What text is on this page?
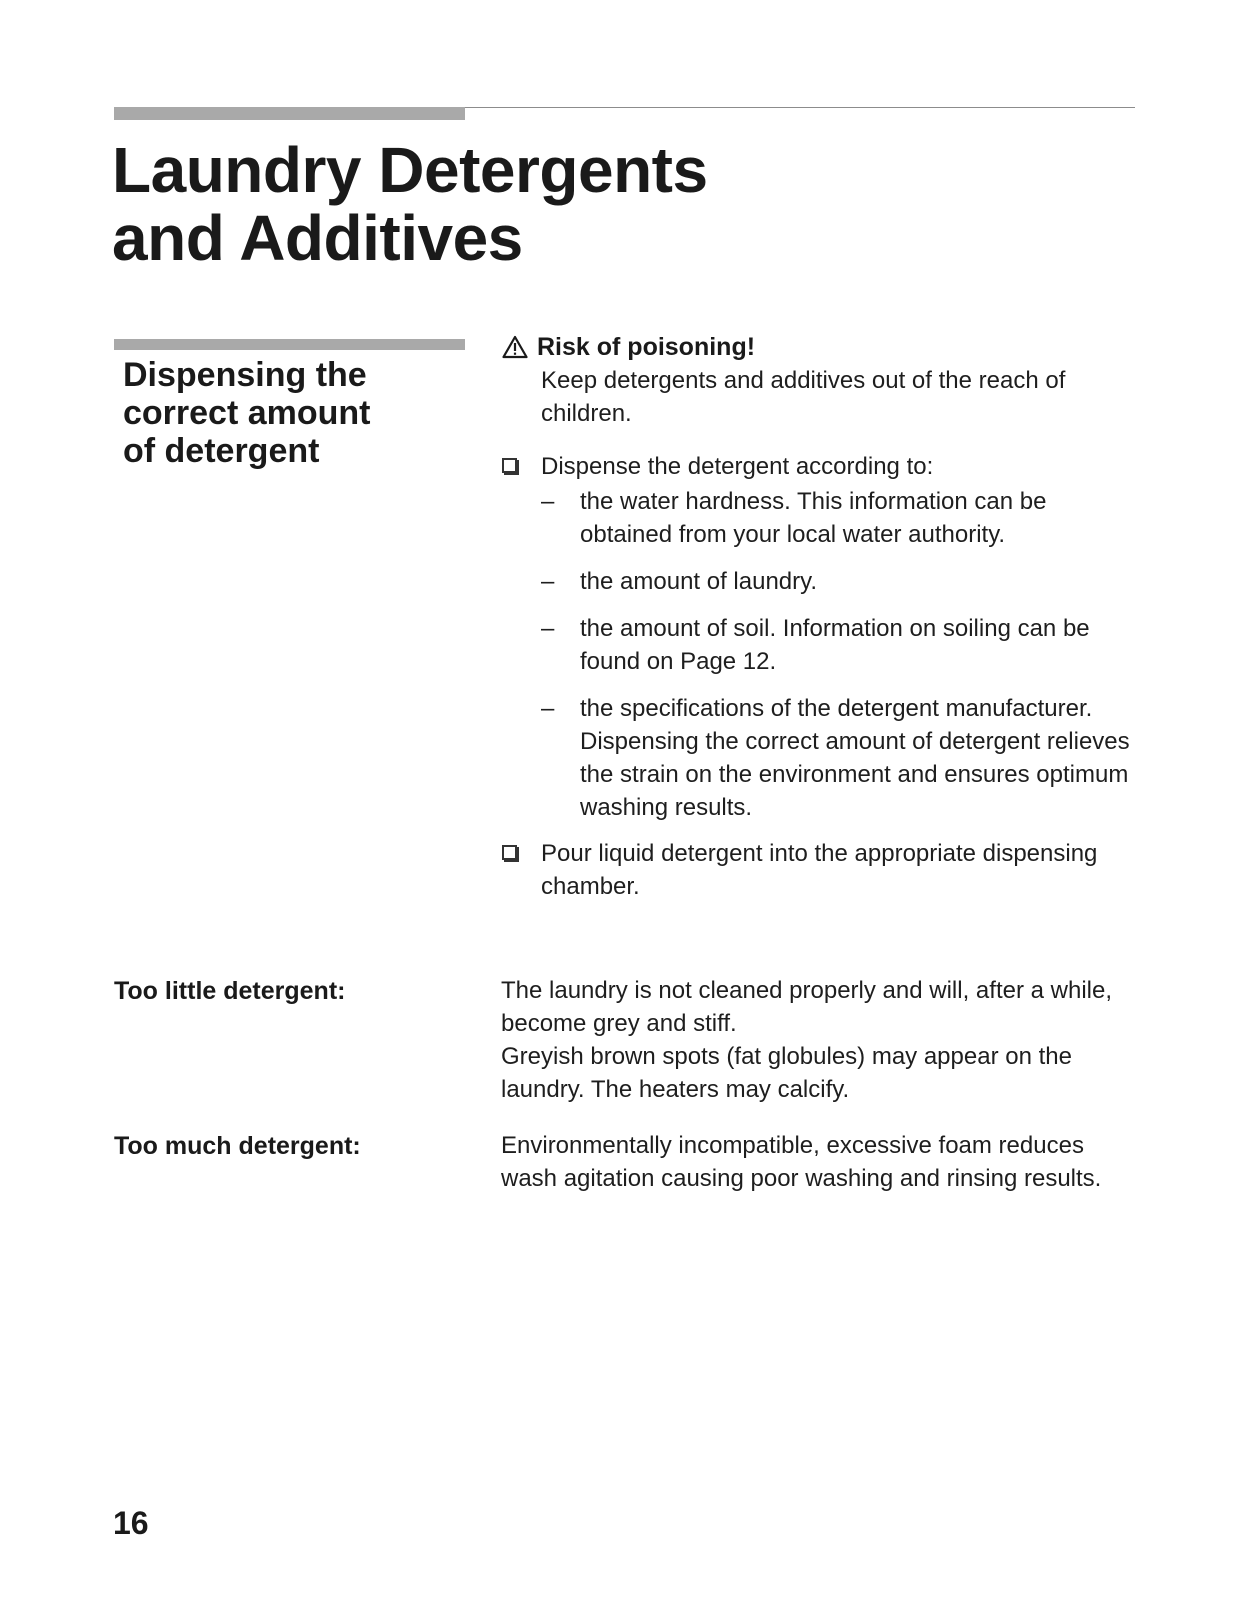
Laundry Detergents
and Additives
Dispensing the
correct amount
of detergent
Risk of poisoning!
Keep detergents and additives out of the reach of children.
Dispense the detergent according to:
– the water hardness. This information can be obtained from your local water authority.
– the amount of laundry.
– the amount of soil. Information on soiling can be found on Page 12.
– the specifications of the detergent manufacturer. Dispensing the correct amount of detergent relieves the strain on the environment and ensures optimum washing results.
Pour liquid detergent into the appropriate dispensing chamber.
Too little detergent:	The laundry is not cleaned properly and will, after a while, become grey and stiff.
Greyish brown spots (fat globules) may appear on the laundry. The heaters may calcify.
Too much detergent:	Environmentally incompatible, excessive foam reduces wash agitation causing poor washing and rinsing results.
16
